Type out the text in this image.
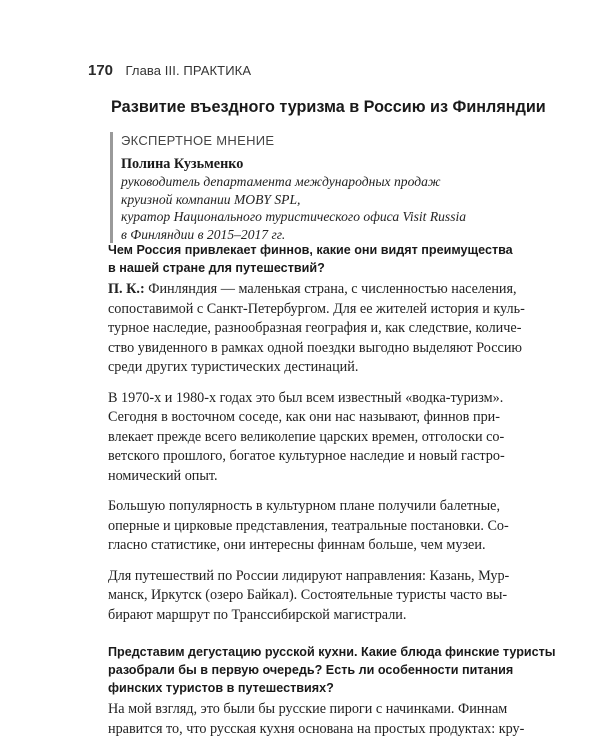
170 Глава III. ПРАКТИКА
Развитие въездного туризма в Россию из Финляндии
ЭКСПЕРТНОЕ МНЕНИЕ
Полина Кузьменко
руководитель департамента международных продаж
круизной компании MOBY SPL,
куратор Национального туристического офиса Visit Russia
в Финляндии в 2015–2017 гг.
Чем Россия привлекает финнов, какие они видят преимущества
в нашей стране для путешествий?
П. К.: Финляндия — маленькая страна, с численностью населения,
сопоставимой с Санкт-Петербургом. Для ее жителей история и куль-
турное наследие, разнообразная география и, как следствие, количе-
ство увиденного в рамках одной поездки выгодно выделяют Россию
среди других туристических дестинаций.
В 1970-х и 1980-х годах это был всем известный «водка-туризм».
Сегодня в восточном соседе, как они нас называют, финнов при-
влекает прежде всего великолепие царских времен, отголоски со-
ветского прошлого, богатое культурное наследие и новый гастро-
номический опыт.
Большую популярность в культурном плане получили балетные,
оперные и цирковые представления, театральные постановки. Со-
гласно статистике, они интересны финнам больше, чем музеи.
Для путешествий по России лидируют направления: Казань, Мур-
манск, Иркутск (озеро Байкал). Состоятельные туристы часто вы-
бирают маршрут по Транссибирской магистрали.
Представим дегустацию русской кухни. Какие блюда финские туристы
разобрали бы в первую очередь? Есть ли особенности питания
финских туристов в путешествиях?
На мой взгляд, это были бы русские пироги с начинками. Финнам
нравится то, что русская кухня основана на простых продуктах: кру-
